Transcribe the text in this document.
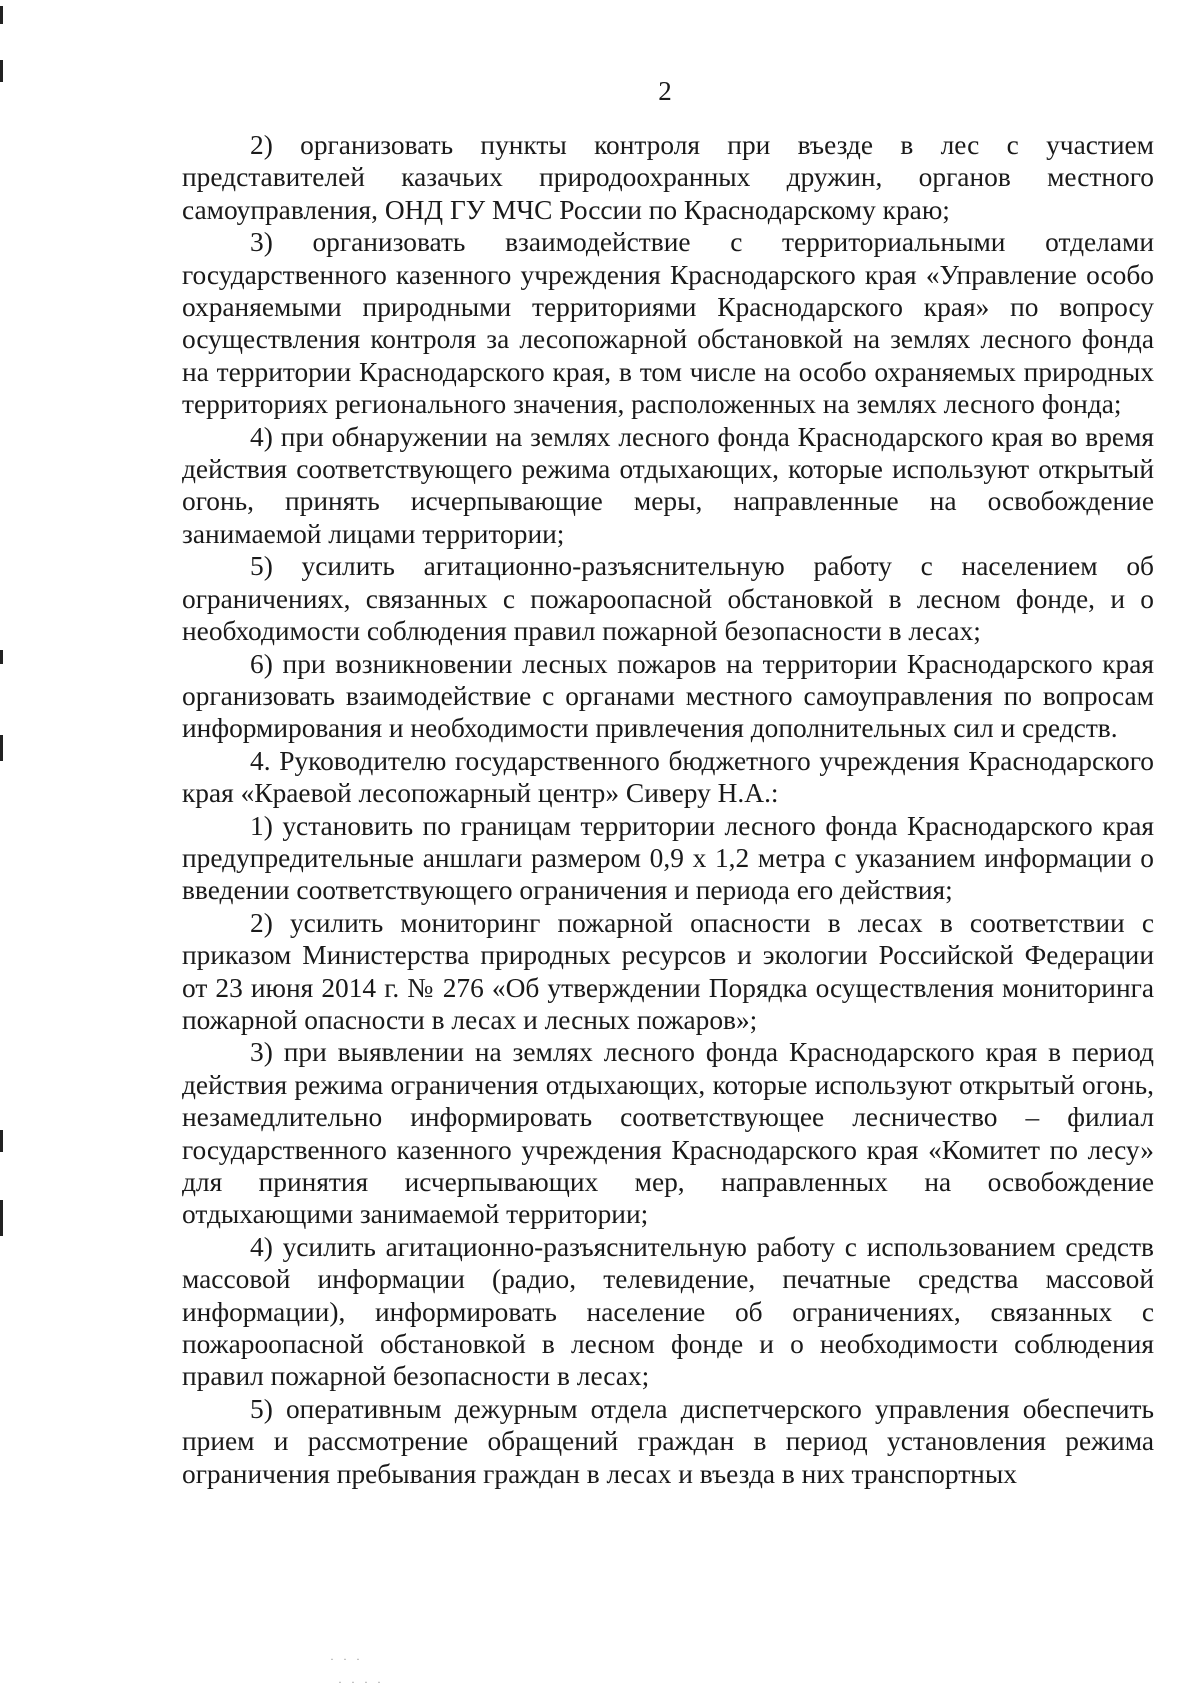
· · ·
· · · ·
2

2) организовать пункты контроля при въезде в лес с участием представителей казачьих природоохранных дружин, органов местного самоуправления, ОНД ГУ МЧС России по Краснодарскому краю;

3) организовать взаимодействие с территориальными отделами государственного казенного учреждения Краснодарского края «Управление особо охраняемыми природными территориями Краснодарского края» по вопросу осуществления контроля за лесопожарной обстановкой на землях лесного фонда на территории Краснодарского края, в том числе на особо охраняемых природных территориях регионального значения, расположенных на землях лесного фонда;

4) при обнаружении на землях лесного фонда Краснодарского края во время действия соответствующего режима отдыхающих, которые используют открытый огонь, принять исчерпывающие меры, направленные на освобождение занимаемой лицами территории;

5) усилить агитационно-разъяснительную работу с населением об ограничениях, связанных с пожароопасной обстановкой в лесном фонде, и о необходимости соблюдения правил пожарной безопасности в лесах;

6) при возникновении лесных пожаров на территории Краснодарского края организовать взаимодействие с органами местного самоуправления по вопросам информирования и необходимости привлечения дополнительных сил и средств.

4. Руководителю государственного бюджетного учреждения Краснодарского края «Краевой лесопожарный центр» Сиверу Н.А.:

1) установить по границам территории лесного фонда Краснодарского края предупредительные аншлаги размером 0,9 х 1,2 метра с указанием информации о введении соответствующего ограничения и периода его действия;

2) усилить мониторинг пожарной опасности в лесах в соответствии с приказом Министерства природных ресурсов и экологии Российской Федерации от 23 июня 2014 г. № 276 «Об утверждении Порядка осуществления мониторинга пожарной опасности в лесах и лесных пожаров»;

3) при выявлении на землях лесного фонда Краснодарского края в период действия режима ограничения отдыхающих, которые используют открытый огонь, незамедлительно информировать соответствующее лесничество – филиал государственного казенного учреждения Краснодарского края «Комитет по лесу» для принятия исчерпывающих мер, направленных на освобождение отдыхающими занимаемой территории;

4) усилить агитационно-разъяснительную работу с использованием средств массовой информации (радио, телевидение, печатные средства массовой информации), информировать население об ограничениях, связанных с пожароопасной обстановкой в лесном фонде и о необходимости соблюдения правил пожарной безопасности в лесах;

5) оперативным дежурным отдела диспетчерского управления обеспечить прием и рассмотрение обращений граждан в период установления режима ограничения пребывания граждан в лесах и въезда в них транспортных
